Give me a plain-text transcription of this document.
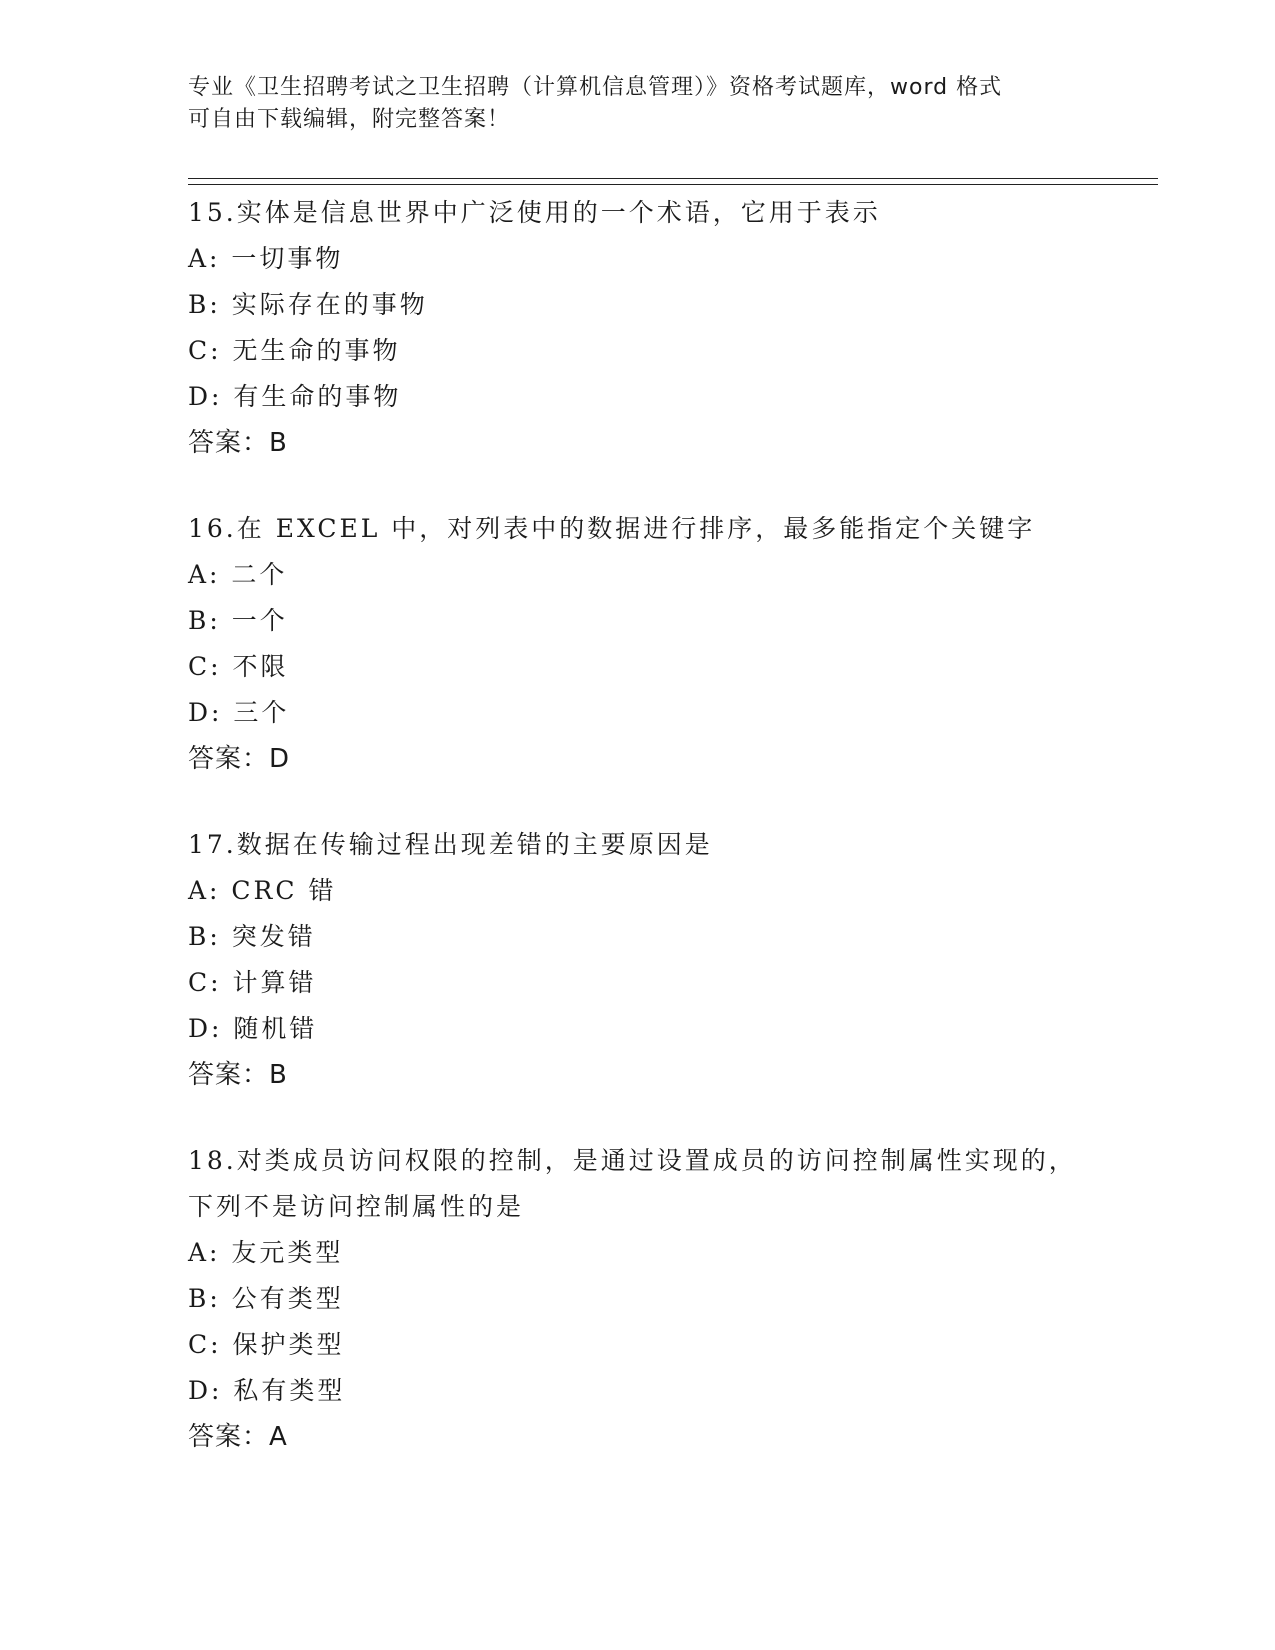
专业《卫生招聘考试之卫生招聘（计算机信息管理）》资格考试题库，word 格式

可自由下载编辑，附完整答案！

15.实体是信息世界中广泛使用的一个术语，它用于表示

A: 一切事物

B: 实际存在的事物

C: 无生命的事物

D: 有生命的事物

答案：B

16.在 EXCEL 中，对列表中的数据进行排序，最多能指定个关键字

A: 二个

B: 一个

C: 不限

D: 三个

答案：D

17.数据在传输过程出现差错的主要原因是

A: CRC 错

B: 突发错

C: 计算错

D: 随机错

答案：B

18.对类成员访问权限的控制，是通过设置成员的访问控制属性实现的，下列不是访问控制属性的是

A: 友元类型

B: 公有类型

C: 保护类型

D: 私有类型

答案：A
